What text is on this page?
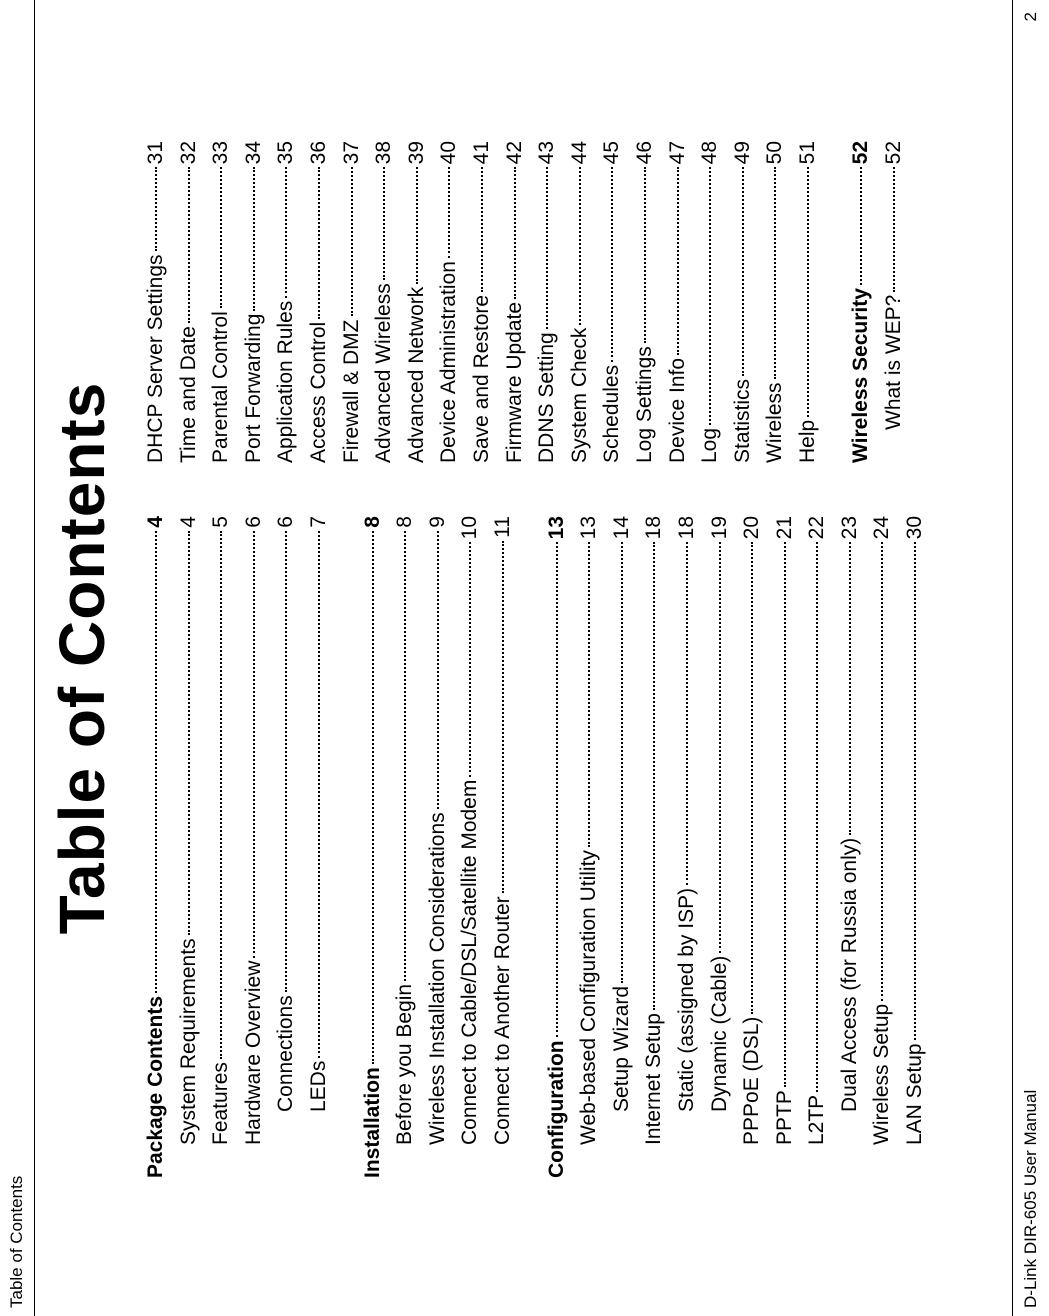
Table of Contents	D-Link DIR-605 User Manual
2
Table of Contents
Package Contents
4
System Requirements
4
Features
5
Hardware Overview
6
Connections
6
LEDs
7
Installation
8
Before you Begin
8
Wireless Installation Considerations
9
Connect to Cable/DSL/Satellite Modem
10
Connect to Another Router
11
Configuration
13
Web-based Configuration Utility
13
Setup Wizard
14
Internet Setup
18
Static (assigned by ISP)
18
Dynamic (Cable)
19
PPPoE (DSL)
20
PPTP
21
L2TP
22
Dual Access (for Russia only)
23
Wireless Setup
24
LAN Setup
30
DHCP Server Settings
31
Time and Date
32
Parental Control
33
Port Forwarding
34
Application Rules
35
Access Control
36
Firewall & DMZ
37
Advanced Wireless
38
Advanced Network
39
Device Administration
40
Save and Restore
41
Firmware Update
42
DDNS Setting
43
System Check
44
Schedules
45
Log Settings
46
Device Info
47
Log
48
Statistics
49
Wireless
50
Help
51
Wireless Security
52
What is WEP?
52
